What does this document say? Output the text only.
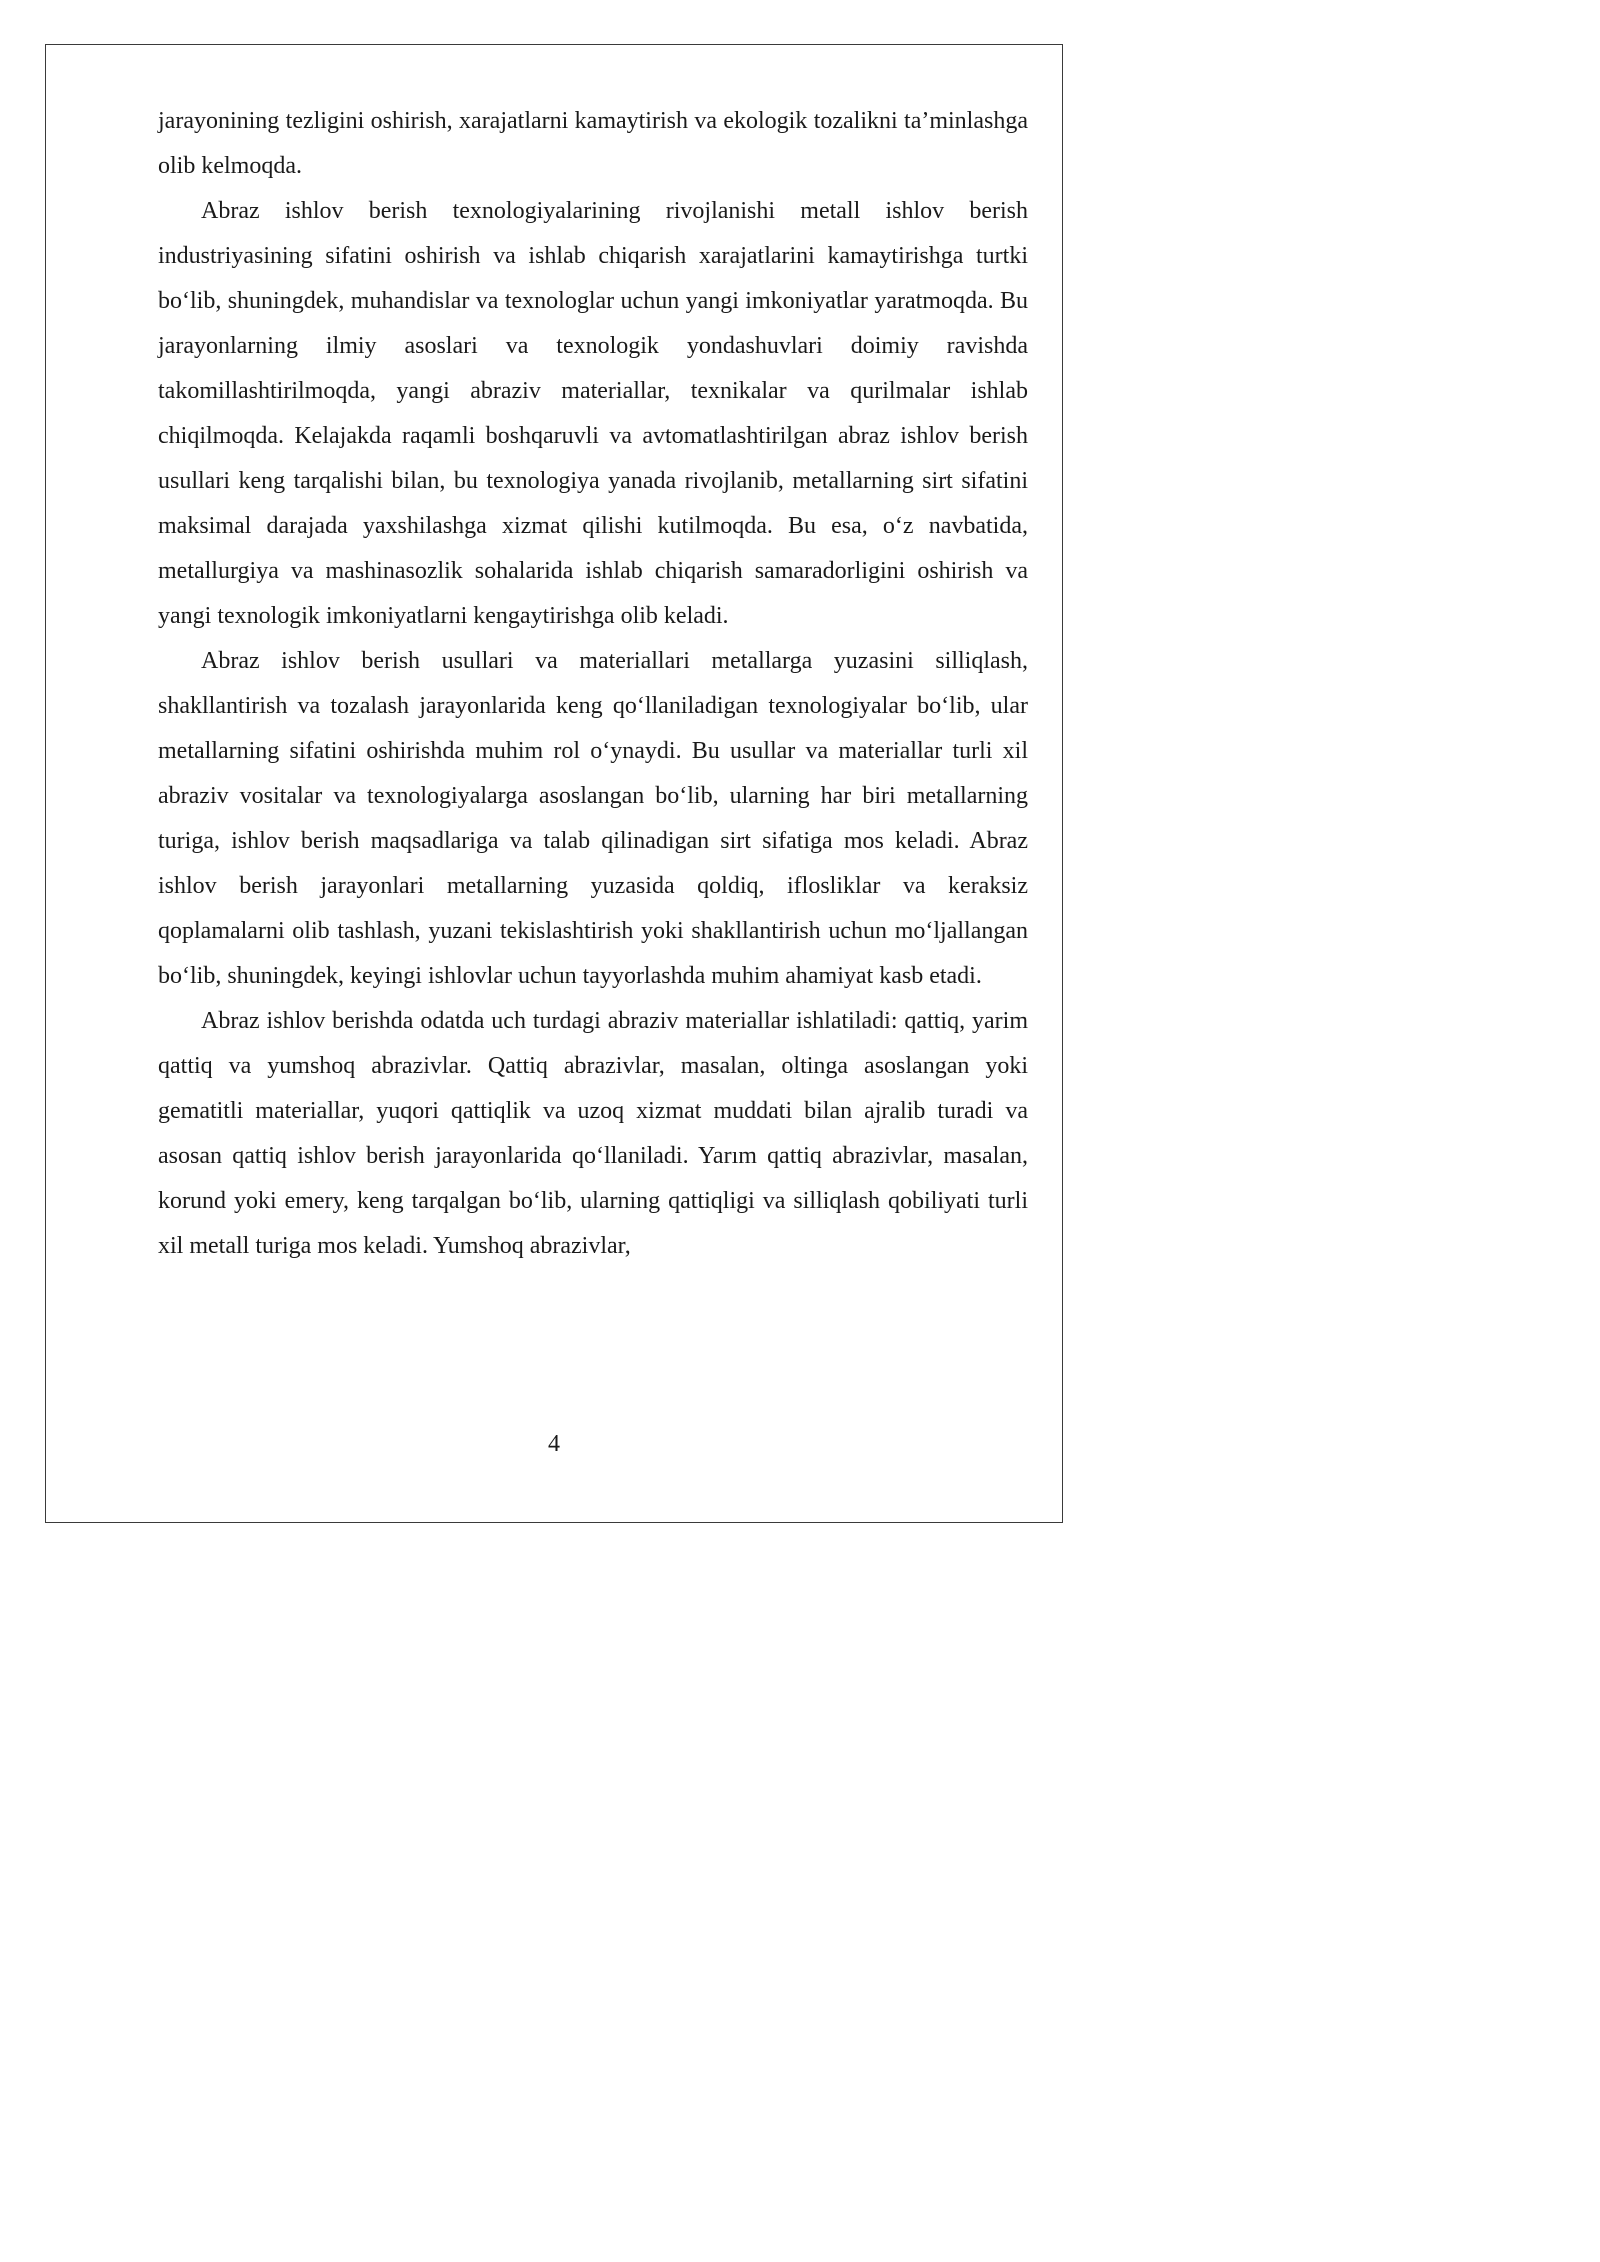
jarayonining tezligini oshirish, xarajatlarni kamaytirish va ekologik tozalikni ta’minlashga olib kelmoqda.

Abraz ishlov berish texnologiyalarining rivojlanishi metall ishlov berish industriyasining sifatini oshirish va ishlab chiqarish xarajatlarini kamaytirishga turtki bo‘lib, shuningdek, muhandislar va texnologlar uchun yangi imkoniyatlar yaratmoqda. Bu jarayonlarning ilmiy asoslari va texnologik yondashuvlari doimiy ravishda takomillashtirilmoqda, yangi abraziv materiallar, texnikalar va qurilmalar ishlab chiqilmoqda. Kelajakda raqamli boshqaruvli va avtomatlashtirilgan abraz ishlov berish usullari keng tarqalishi bilan, bu texnologiya yanada rivojlanib, metallarning sirt sifatini maksimal darajada yaxshilashga xizmat qilishi kutilmoqda. Bu esa, o‘z navbatida, metallurgiya va mashinasozlik sohalarida ishlab chiqarish samaradorligini oshirish va yangi texnologik imkoniyatlarni kengaytirishga olib keladi.

Abraz ishlov berish usullari va materiallari metallarga yuzasini silliqlash, shakllantirish va tozalash jarayonlarida keng qo‘llaniladigan texnologiyalar bo‘lib, ular metallarning sifatini oshirishda muhim rol o‘ynaydi. Bu usullar va materiallar turli xil abraziv vositalar va texnologiyalarga asoslangan bo‘lib, ularning har biri metallarning turiga, ishlov berish maqsadlariga va talab qilinadigan sirt sifatiga mos keladi. Abraz ishlov berish jarayonlari metallarning yuzasida qoldiq, iflosliklar va keraksiz qoplamalarni olib tashlash, yuzani tekislashtirish yoki shakllantirish uchun mo‘ljallangan bo‘lib, shuningdek, keyingi ishlovlar uchun tayyorlashda muhim ahamiyat kasb etadi.

Abraz ishlov berishda odatda uch turdagi abraziv materiallar ishlatiladi: qattiq, yarim qattiq va yumshoq abrazivlar. Qattiq abrazivlar, masalan, oltinga asoslangan yoki gematitli materiallar, yuqori qattiqlik va uzoq xizmat muddati bilan ajralib turadi va asosan qattiq ishlov berish jarayonlarida qo‘llaniladi. Yarım qattiq abrazivlar, masalan, korund yoki emery, keng tarqalgan bo‘lib, ularning qattiqligi va silliqlash qobiliyati turli xil metall turiga mos keladi. Yumshoq abrazivlar,

4
